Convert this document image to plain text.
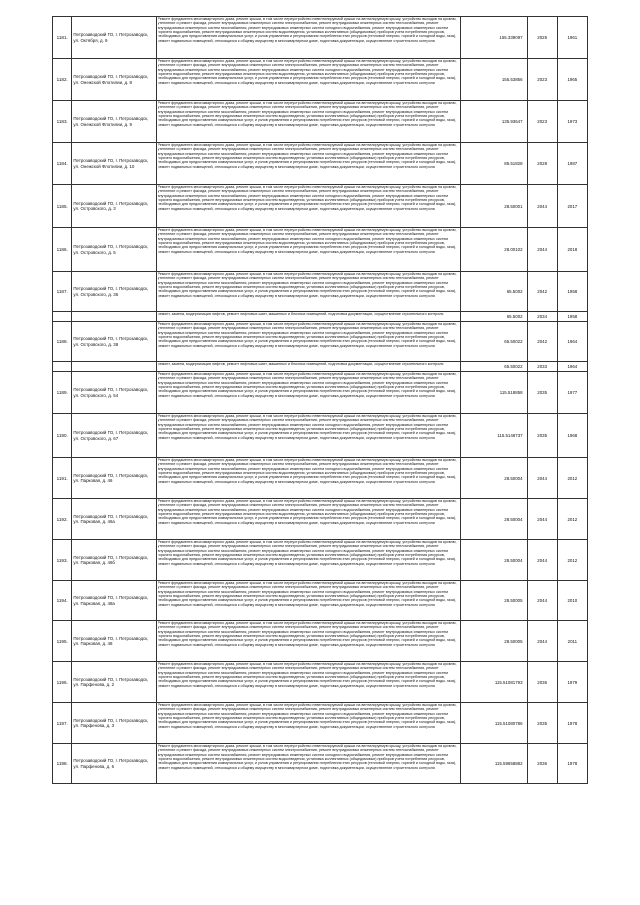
1181.	Петрозаводский ГО, г. Петрозаводск, ул. Октября, д. 9	Ремонт фундамента многоквартирного дома, ремонт крыши, в том числе переустройство невентилируемой крыши на вентилируемую крышу, устройство выходов на кровлю, утепление и ремонт фасада, ремонт внутридомовых инженерных систем электроснабжения, ремонт внутридомовых инженерных систем теплоснабжения, ремонт внутридомовых инженерных систем газоснабжения, ремонт внутридомовых инженерных систем холодного водоснабжения, ремонт внутридомовых инженерных систем горячего водоснабжения, ремонт внутридомовых инженерных систем водоотведения, установка коллективных (общедомовых) приборов учета потребления ресурсов, необходимых для предоставления коммунальных услуг, и узлов управления и регулирования потребления этих ресурсов (тепловой энергии, горячей и холодной воды, газа), ремонт подвальных помещений, относящихся к общему имуществу в многоквартирном доме, подготовка документации, осуществление строительного контроля	155.339097	2025	1961
1182.	Петрозаводский ГО, г. Петрозаводск, ул. Онежской Флотилии, д. 8	Ремонт фундамента многоквартирного дома, ремонт крыши, в том числе переустройство невентилируемой крыши на вентилируемую крышу, устройство выходов на кровлю, утепление и ремонт фасада, ремонт внутридомовых инженерных систем электроснабжения, ремонт внутридомовых инженерных систем теплоснабжения, ремонт внутридомовых инженерных систем газоснабжения, ремонт внутридомовых инженерных систем холодного водоснабжения, ремонт внутридомовых инженерных систем горячего водоснабжения, ремонт внутридомовых инженерных систем водоотведения, установка коллективных (общедомовых) приборов учета потребления ресурсов, необходимых для предоставления коммунальных услуг, и узлов управления и регулирования потребления этих ресурсов (тепловой энергии, горячей и холодной воды, газа), ремонт подвальных помещений, относящихся к общему имуществу в многоквартирном доме, подготовка документации, осуществление строительного контроля	155.53856	2023	1965
1183.	Петрозаводский ГО, г. Петрозаводск, ул. Онежской Флотилии, д. 9	Ремонт фундамента многоквартирного дома, ремонт крыши, в том числе переустройство невентилируемой крыши на вентилируемую крышу, устройство выходов на кровлю, утепление и ремонт фасада, ремонт внутридомовых инженерных систем электроснабжения, ремонт внутридомовых инженерных систем теплоснабжения, ремонт внутридомовых инженерных систем газоснабжения, ремонт внутридомовых инженерных систем холодного водоснабжения, ремонт внутридомовых инженерных систем горячего водоснабжения, ремонт внутридомовых инженерных систем водоотведения, установка коллективных (общедомовых) приборов учета потребления ресурсов, необходимых для предоставления коммунальных услуг, и узлов управления и регулирования потребления этих ресурсов (тепловой энергии, горячей и холодной воды, газа), ремонт подвальных помещений, относящихся к общему имуществу в многоквартирном доме, подготовка документации, осуществление строительного контроля	135.93647	2023	1973
1184.	Петрозаводский ГО, г. Петрозаводск, ул. Онежской Флотилии, д. 10	Ремонт фундамента многоквартирного дома, ремонт крыши, в том числе переустройство невентилируемой крыши на вентилируемую крышу, устройство выходов на кровлю, утепление и ремонт фасада, ремонт внутридомовых инженерных систем электроснабжения, ремонт внутридомовых инженерных систем теплоснабжения, ремонт внутридомовых инженерных систем газоснабжения, ремонт внутридомовых инженерных систем холодного водоснабжения, ремонт внутридомовых инженерных систем горячего водоснабжения, ремонт внутридомовых инженерных систем водоотведения, установка коллективных (общедомовых) приборов учета потребления ресурсов, необходимых для предоставления коммунальных услуг, и узлов управления и регулирования потребления этих ресурсов (тепловой энергии, горячей и холодной воды, газа), ремонт подвальных помещений, относящихся к общему имуществу в многоквартирном доме, подготовка документации, осуществление строительного контроля	85.51828	2028	1987
1185.	Петрозаводский ГО, г. Петрозаводск, ул. Островского, д. 3	Ремонт фундамента многоквартирного дома, ремонт крыши, в том числе переустройство невентилируемой крыши на вентилируемую крышу, устройство выходов на кровлю, утепление и ремонт фасада, ремонт внутридомовых инженерных систем электроснабжения, ремонт внутридомовых инженерных систем теплоснабжения, ремонт внутридомовых инженерных систем газоснабжения, ремонт внутридомовых инженерных систем холодного водоснабжения, ремонт внутридомовых инженерных систем горячего водоснабжения, ремонт внутридомовых инженерных систем водоотведения, установка коллективных (общедомовых) приборов учета потребления ресурсов, необходимых для предоставления коммунальных услуг, и узлов управления и регулирования потребления этих ресурсов (тепловой энергии, горячей и холодной воды, газа), ремонт подвальных помещений, относящихся к общему имуществу в многоквартирном доме, подготовка документации, осуществление строительного контроля	28.50001	2044	2017
1186.	Петрозаводский ГО, г. Петрозаводск, ул. Островского, д. 5	Ремонт фундамента многоквартирного дома, ремонт крыши, в том числе переустройство невентилируемой крыши на вентилируемую крышу, устройство выходов на кровлю, утепление и ремонт фасада, ремонт внутридомовых инженерных систем электроснабжения, ремонт внутридомовых инженерных систем теплоснабжения, ремонт внутридомовых инженерных систем газоснабжения, ремонт внутридомовых инженерных систем холодного водоснабжения, ремонт внутридомовых инженерных систем горячего водоснабжения, ремонт внутридомовых инженерных систем водоотведения, установка коллективных (общедомовых) приборов учета потребления ресурсов, необходимых для предоставления коммунальных услуг, и узлов управления и регулирования потребления этих ресурсов (тепловой энергии, горячей и холодной воды, газа), ремонт подвальных помещений, относящихся к общему имуществу в многоквартирном доме, подготовка документации, осуществление строительного контроля	28.00102	2044	2018
1187.	Петрозаводский ГО, г. Петрозаводск, ул. Островского, д. 36	Ремонт фундамента многоквартирного дома, ремонт крыши, в том числе переустройство невентилируемой крыши на вентилируемую крышу, устройство выходов на кровлю, утепление и ремонт фасада, ремонт внутридомовых инженерных систем электроснабжения, ремонт внутридомовых инженерных систем теплоснабжения, ремонт внутридомовых инженерных систем газоснабжения, ремонт внутридомовых инженерных систем холодного водоснабжения, ремонт внутридомовых инженерных систем горячего водоснабжения, ремонт внутридомовых инженерных систем водоотведения, установка коллективных (общедомовых) приборов учета потребления ресурсов, необходимых для предоставления коммунальных услуг, и узлов управления и регулирования потребления этих ресурсов (тепловой энергии, горячей и холодной воды, газа), ремонт подвальных помещений, относящихся к общему имуществу в многоквартирном доме, подготовка документации, осуществление строительного контроля	65.5002	2042	1958

		ремонт, замена, модернизация лифтов, ремонт лифтовых шахт, машинных и блочных помещений, подготовка документации, осуществление строительного контроля	65.5002	2034	1958
1188.	Петрозаводский ГО, г. Петрозаводск, ул. Островского, д. 38	Ремонт фундамента многоквартирного дома, ремонт крыши, в том числе переустройство невентилируемой крыши на вентилируемую крышу, устройство выходов на кровлю, утепление и ремонт фасада, ремонт внутридомовых инженерных систем электроснабжения, ремонт внутридомовых инженерных систем теплоснабжения, ремонт внутридомовых инженерных систем газоснабжения, ремонт внутридомовых инженерных систем холодного водоснабжения, ремонт внутридомовых инженерных систем горячего водоснабжения, ремонт внутридомовых инженерных систем водоотведения, установка коллективных (общедомовых) приборов учета потребления ресурсов, необходимых для предоставления коммунальных услуг, и узлов управления и регулирования потребления этих ресурсов (тепловой энергии, горячей и холодной воды, газа), ремонт подвальных помещений, относящихся к общему имуществу в многоквартирном доме, подготовка документации, осуществление строительного контроля	65.50022	2042	1964

		ремонт, замена, модернизация лифтов, ремонт лифтовых шахт, машинных и блочных помещений, подготовка документации, осуществление строительного контроля	65.50022	2033	1964
1189.	Петрозаводский ГО, г. Петрозаводск, ул. Островского, д. 54	Ремонт фундамента многоквартирного дома, ремонт крыши, в том числе переустройство невентилируемой крыши на вентилируемую крышу, устройство выходов на кровлю, утепление и ремонт фасада, ремонт внутридомовых инженерных систем электроснабжения, ремонт внутридомовых инженерных систем теплоснабжения, ремонт внутридомовых инженерных систем газоснабжения, ремонт внутридомовых инженерных систем холодного водоснабжения, ремонт внутридомовых инженерных систем горячего водоснабжения, ремонт внутридомовых инженерных систем водоотведения, установка коллективных (общедомовых) приборов учета потребления ресурсов, необходимых для предоставления коммунальных услуг, и узлов управления и регулирования потребления этих ресурсов (тепловой энергии, горячей и холодной воды, газа), ремонт подвальных помещений, относящихся к общему имуществу в многоквартирном доме, подготовка документации, осуществление строительного контроля	115.518858	2035	1977
1190.	Петрозаводский ГО, г. Петрозаводск, ул. Островского, д. 67	Ремонт фундамента многоквартирного дома, ремонт крыши, в том числе переустройство невентилируемой крыши на вентилируемую крышу, устройство выходов на кровлю, утепление и ремонт фасада, ремонт внутридомовых инженерных систем электроснабжения, ремонт внутридомовых инженерных систем теплоснабжения, ремонт внутридомовых инженерных систем газоснабжения, ремонт внутридомовых инженерных систем холодного водоснабжения, ремонт внутридомовых инженерных систем горячего водоснабжения, ремонт внутридомовых инженерных систем водоотведения, установка коллективных (общедомовых) приборов учета потребления ресурсов, необходимых для предоставления коммунальных услуг, и узлов управления и регулирования потребления этих ресурсов (тепловой энергии, горячей и холодной воды, газа), ремонт подвальных помещений, относящихся к общему имуществу в многоквартирном доме, подготовка документации, осуществление строительного контроля	115.5148737	2035	1968
1191.	Петрозаводский ГО, г. Петрозаводск, ул. Парковая, д. 46	Ремонт фундамента многоквартирного дома, ремонт крыши, в том числе переустройство невентилируемой крыши на вентилируемую крышу, устройство выходов на кровлю, утепление и ремонт фасада, ремонт внутридомовых инженерных систем электроснабжения, ремонт внутридомовых инженерных систем теплоснабжения, ремонт внутридомовых инженерных систем газоснабжения, ремонт внутридомовых инженерных систем холодного водоснабжения, ремонт внутридомовых инженерных систем горячего водоснабжения, ремонт внутридомовых инженерных систем водоотведения, установка коллективных (общедомовых) приборов учета потребления ресурсов, необходимых для предоставления коммунальных услуг, и узлов управления и регулирования потребления этих ресурсов (тепловой энергии, горячей и холодной воды, газа), ремонт подвальных помещений, относящихся к общему имуществу в многоквартирном доме, подготовка документации, осуществление строительного контроля	28.50004	2044	2012
1192.	Петрозаводский ГО, г. Петрозаводск, ул. Парковая, д. 46а	Ремонт фундамента многоквартирного дома, ремонт крыши, в том числе переустройство невентилируемой крыши на вентилируемую крышу, устройство выходов на кровлю, утепление и ремонт фасада, ремонт внутридомовых инженерных систем электроснабжения, ремонт внутридомовых инженерных систем теплоснабжения, ремонт внутридомовых инженерных систем газоснабжения, ремонт внутридомовых инженерных систем холодного водоснабжения, ремонт внутридомовых инженерных систем горячего водоснабжения, ремонт внутридомовых инженерных систем водоотведения, установка коллективных (общедомовых) приборов учета потребления ресурсов, необходимых для предоставления коммунальных услуг, и узлов управления и регулирования потребления этих ресурсов (тепловой энергии, горячей и холодной воды, газа), ремонт подвальных помещений, относящихся к общему имуществу в многоквартирном доме, подготовка документации, осуществление строительного контроля	28.50004	2044	2012
1193.	Петрозаводский ГО, г. Петрозаводск, ул. Парковая, д. 46б	Ремонт фундамента многоквартирного дома, ремонт крыши, в том числе переустройство невентилируемой крыши на вентилируемую крышу, устройство выходов на кровлю, утепление и ремонт фасада, ремонт внутридомовых инженерных систем электроснабжения, ремонт внутридомовых инженерных систем теплоснабжения, ремонт внутридомовых инженерных систем газоснабжения, ремонт внутридомовых инженерных систем холодного водоснабжения, ремонт внутридомовых инженерных систем горячего водоснабжения, ремонт внутридомовых инженерных систем водоотведения, установка коллективных (общедомовых) приборов учета потребления ресурсов, необходимых для предоставления коммунальных услуг, и узлов управления и регулирования потребления этих ресурсов (тепловой энергии, горячей и холодной воды, газа), ремонт подвальных помещений, относящихся к общему имуществу в многоквартирном доме, подготовка документации, осуществление строительного контроля	28.50004	2044	2012
1194.	Петрозаводский ГО, г. Петрозаводск, ул. Парковая, д. 48а	Ремонт фундамента многоквартирного дома, ремонт крыши, в том числе переустройство невентилируемой крыши на вентилируемую крышу, устройство выходов на кровлю, утепление и ремонт фасада, ремонт внутридомовых инженерных систем электроснабжения, ремонт внутридомовых инженерных систем теплоснабжения, ремонт внутридомовых инженерных систем газоснабжения, ремонт внутридомовых инженерных систем холодного водоснабжения, ремонт внутридомовых инженерных систем горячего водоснабжения, ремонт внутридомовых инженерных систем водоотведения, установка коллективных (общедомовых) приборов учета потребления ресурсов, необходимых для предоставления коммунальных услуг, и узлов управления и регулирования потребления этих ресурсов (тепловой энергии, горячей и холодной воды, газа), ремонт подвальных помещений, относящихся к общему имуществу в многоквартирном доме, подготовка документации, осуществление строительного контроля	28.50005	2044	2010
1195.	Петрозаводский ГО, г. Петрозаводск, ул. Парковая, д. 48	Ремонт фундамента многоквартирного дома, ремонт крыши, в том числе переустройство невентилируемой крыши на вентилируемую крышу, устройство выходов на кровлю, утепление и ремонт фасада, ремонт внутридомовых инженерных систем электроснабжения, ремонт внутридомовых инженерных систем теплоснабжения, ремонт внутридомовых инженерных систем газоснабжения, ремонт внутридомовых инженерных систем холодного водоснабжения, ремонт внутридомовых инженерных систем горячего водоснабжения, ремонт внутридомовых инженерных систем водоотведения, установка коллективных (общедомовых) приборов учета потребления ресурсов, необходимых для предоставления коммунальных услуг, и узлов управления и регулирования потребления этих ресурсов (тепловой энергии, горячей и холодной воды, газа), ремонт подвальных помещений, относящихся к общему имуществу в многоквартирном доме, подготовка документации, осуществление строительного контроля	28.50005	2044	2011
1196.	Петрозаводский ГО, г. Петрозаводск, ул. Парфенова, д. 2	Ремонт фундамента многоквартирного дома, ремонт крыши, в том числе переустройство невентилируемой крыши на вентилируемую крышу, устройство выходов на кровлю, утепление и ремонт фасада, ремонт внутридомовых инженерных систем электроснабжения, ремонт внутридомовых инженерных систем теплоснабжения, ремонт внутридомовых инженерных систем газоснабжения, ремонт внутридомовых инженерных систем холодного водоснабжения, ремонт внутридомовых инженерных систем горячего водоснабжения, ремонт внутридомовых инженерных систем водоотведения, установка коллективных (общедомовых) приборов учета потребления ресурсов, необходимых для предоставления коммунальных услуг, и узлов управления и регулирования потребления этих ресурсов (тепловой энергии, горячей и холодной воды, газа), ремонт подвальных помещений, относящихся к общему имуществу в многоквартирном доме, подготовка документации, осуществление строительного контроля	115.51081793	2036	1979
1197.	Петрозаводский ГО, г. Петрозаводск, ул. Парфенова, д. 3	Ремонт фундамента многоквартирного дома, ремонт крыши, в том числе переустройство невентилируемой крыши на вентилируемую крышу, устройство выходов на кровлю, утепление и ремонт фасада, ремонт внутридомовых инженерных систем электроснабжения, ремонт внутридомовых инженерных систем теплоснабжения, ремонт внутридомовых инженерных систем газоснабжения, ремонт внутридомовых инженерных систем холодного водоснабжения, ремонт внутридомовых инженерных систем горячего водоснабжения, ремонт внутридомовых инженерных систем водоотведения, установка коллективных (общедомовых) приборов учета потребления ресурсов, необходимых для предоставления коммунальных услуг, и узлов управления и регулирования потребления этих ресурсов (тепловой энергии, горячей и холодной воды, газа), ремонт подвальных помещений, относящихся к общему имуществу в многоквартирном доме, подготовка документации, осуществление строительного контроля	115.51080786	2035	1978
1198.	Петрозаводский ГО, г. Петрозаводск, ул. Парфенова, д. 6	Ремонт фундамента многоквартирного дома, ремонт крыши, в том числе переустройство невентилируемой крыши на вентилируемую крышу, устройство выходов на кровлю, утепление и ремонт фасада, ремонт внутридомовых инженерных систем электроснабжения, ремонт внутридомовых инженерных систем теплоснабжения, ремонт внутридомовых инженерных систем газоснабжения, ремонт внутридомовых инженерных систем холодного водоснабжения, ремонт внутридомовых инженерных систем горячего водоснабжения, ремонт внутридомовых инженерных систем водоотведения, установка коллективных (общедомовых) приборов учета потребления ресурсов, необходимых для предоставления коммунальных услуг, и узлов управления и регулирования потребления этих ресурсов (тепловой энергии, горячей и холодной воды, газа), ремонт подвальных помещений, относящихся к общему имуществу в многоквартирном доме, подготовка документации, осуществление строительного контроля	115.59658882	2036	1978
